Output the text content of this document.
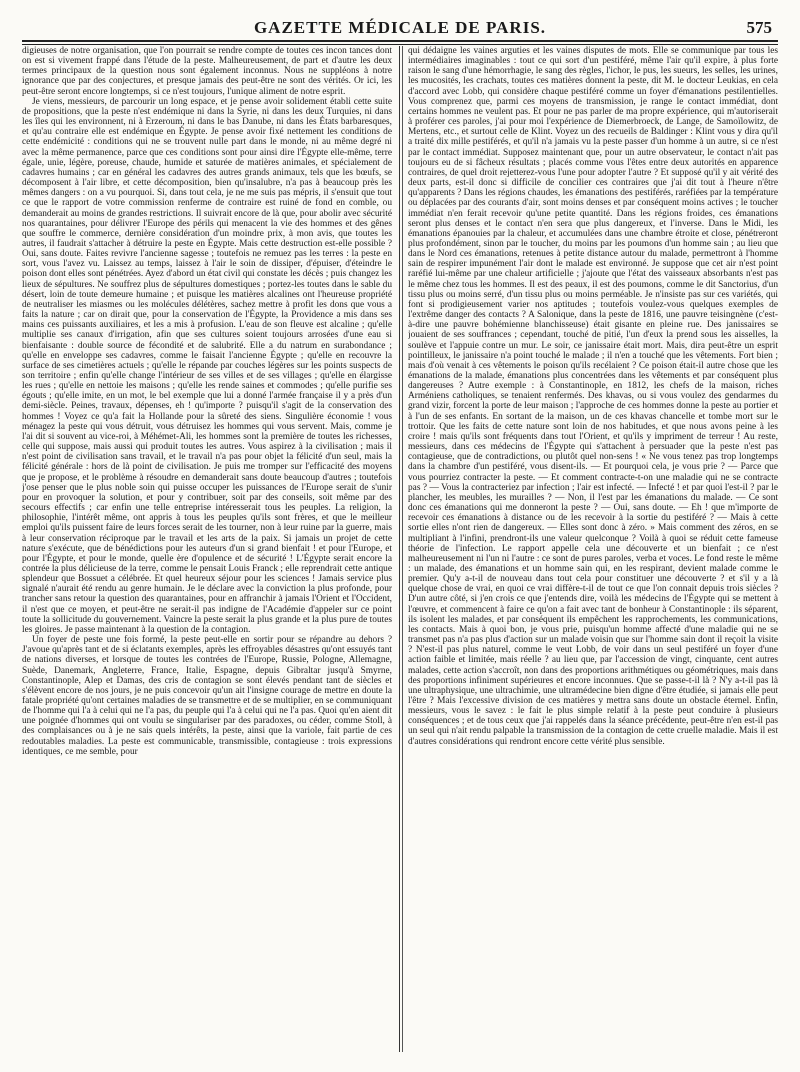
GAZETTE MÉDICALE DE PARIS.	575

digieuses de notre organisation, que l'on pourrait se rendre compte de toutes ces incon tances dont on est si vivement frappé dans l'étude de la peste. Malheureusement, de part et d'autre les deux termes principaux de la question nous sont également inconnus. Nous ne suppléons à notre ignorance que par des conjectures, et presque jamais des peut-être ne sont des vérités. Or ici, les peut-être seront encore longtemps, si ce n'est toujours, l'unique aliment de notre esprit.

Je viens, messieurs, de parcourir un long espace, et je pense avoir solidement établi cette suite de propositions, que la peste n'est endémique ni dans la Syrie, ni dans les deux Turquies, ni dans les îles qui les environnent, ni à Erzeroum, ni dans le bas Danube, ni dans les États barbaresques, et qu'au contraire elle est endémique en Égypte. Je pense avoir fixé nettement les conditions de cette endémicité : conditions qui ne se trouvent nulle part dans le monde, ni au même degré ni avec la même permanence, parce que ces conditions sont pour ainsi dire l'Égypte elle-même, terre égale, unie, légère, poreuse, chaude, humide et saturée de matières animales, et spécialement de cadavres humains ; car en général les cadavres des autres grands animaux, tels que les bœufs, se décomposent à l'air libre, et cette décomposition, bien qu'insalubre, n'a pas à beaucoup près les mêmes dangers : on a vu pourquoi. Si, dans tout cela, je ne me suis pas mépris, il s'ensuit que tout ce que le rapport de votre commission renferme de contraire est ruiné de fond en comble, ou demanderait au moins de grandes restrictions. Il suivrait encore de là que, pour abolir avec sécurité nos quarantaines, pour délivrer l'Europe des périls qui menacent la vie des hommes et des gênes que souffre le commerce, dernière considération d'un moindre prix, à mon avis, que toutes les autres, il faudrait s'attacher à détruire la peste en Égypte. Mais cette destruction est-elle possible ? Oui, sans doute. Faites revivre l'ancienne sagesse ; toutefois ne remuez pas les terres : la peste en sort, vous l'avez vu. Laissez au temps, laissez à l'air le soin de dissiper, d'épuiser, d'éteindre le poison dont elles sont pénétrées. Ayez d'abord un état civil qui constate les décès ; puis changez les lieux de sépultures. Ne souffrez plus de sépultures domestiques ; portez-les toutes dans le sable du désert, loin de toute demeure humaine ; et puisque les matières alcalines ont l'heureuse propriété de neutraliser les miasmes ou les molécules délétères, sachez mettre à profit les dons que vous a faits la nature ; car on dirait que, pour la conservation de l'Égypte, la Providence a mis dans ses mains ces puissants auxiliaires, et les a mis à profusion. L'eau de son fleuve est alcaline ; qu'elle multiplie ses canaux d'irrigation, afin que ses cultures soient toujours arrosées d'une eau si bienfaisante : double source de fécondité et de salubrité. Elle a du natrum en surabondance ; qu'elle en enveloppe ses cadavres, comme le faisait l'ancienne Égypte ; qu'elle en recouvre la surface de ses cimetières actuels ; qu'elle le répande par couches légères sur les points suspects de son territoire ; enfin qu'elle change l'intérieur de ses villes et de ses villages ; qu'elle en élargisse les rues ; qu'elle en nettoie les maisons ; qu'elle les rende saines et commodes ; qu'elle purifie ses égouts ; qu'elle imite, en un mot, le bel exemple que lui a donné l'armée française il y a près d'un demi-siècle. Peines, travaux, dépenses, eh ! qu'importe ? puisqu'il s'agit de la conservation des hommes ! Voyez ce qu'a fait la Hollande pour la sûreté des siens. Singulière économie ! vous ménagez la peste qui vous détruit, vous détruisez les hommes qui vous servent. Mais, comme je l'ai dit si souvent au vice-roi, à Méhémet-Ali, les hommes sont la première de toutes les richesses, celle qui suppose, mais aussi qui produit toutes les autres. Vous aspirez à la civilisation ; mais il n'est point de civilisation sans travail, et le travail n'a pas pour objet la félicité d'un seul, mais la félicité générale : hors de là point de civilisation. Je puis me tromper sur l'efficacité des moyens que je propose, et le problème à résoudre en demanderait sans doute beaucoup d'autres ; toutefois j'ose penser que le plus noble soin qui puisse occuper les puissances de l'Europe serait de s'unir pour en provoquer la solution, et pour y contribuer, soit par des conseils, soit même par des secours effectifs ; car enfin une telle entreprise intéresserait tous les peuples. La religion, la philosophie, l'intérêt même, ont appris à tous les peuples qu'ils sont frères, et que le meilleur emploi qu'ils puissent faire de leurs forces serait de les tourner, non à leur ruine par la guerre, mais à leur conservation réciproque par le travail et les arts de la paix. Si jamais un projet de cette nature s'exécute, que de bénédictions pour les auteurs d'un si grand bienfait ! et pour l'Europe, et pour l'Égypte, et pour le monde, quelle ère d'opulence et de sécurité ! L'Égypte serait encore la contrée la plus délicieuse de la terre, comme le pensait Louis Franck ; elle reprendrait cette antique splendeur que Bossuet a célébrée. Et quel heureux séjour pour les sciences ! Jamais service plus signalé n'aurait été rendu au genre humain. Je le déclare avec la conviction la plus profonde, pour trancher sans retour la question des quarantaines, pour en affranchir à jamais l'Orient et l'Occident, il n'est que ce moyen, et peut-être ne serait-il pas indigne de l'Académie d'appeler sur ce point toute la sollicitude du gouvernement. Vaincre la peste serait la plus grande et la plus pure de toutes les gloires. Je passe maintenant à la question de la contagion.

Un foyer de peste une fois formé, la peste peut-elle en sortir pour se répandre au dehors ? J'avoue qu'après tant et de si éclatants exemples, après les effroyables désastres qu'ont essuyés tant de nations diverses, et lorsque de toutes les contrées de l'Europe, Russie, Pologne, Allemagne, Suède, Danemark, Angleterre, France, Italie, Espagne, depuis Gibraltar jusqu'à Smyrne, Constantinople, Alep et Damas, des cris de contagion se sont élevés pendant tant de siècles et s'élèvent encore de nos jours, je ne puis concevoir qu'un ait l'insigne courage de mettre en doute la fatale propriété qu'ont certaines maladies de se transmettre et de se multiplier, en se communiquant de l'homme qui l'a à celui qui ne l'a pas, du peuple qui l'a à celui qui ne l'a pas. Quoi qu'en aient dit une poignée d'hommes qui ont voulu se singulariser par des paradoxes, ou céder, comme Stoll, à des complaisances ou à je ne sais quels intérêts, la peste, ainsi que la variole, fait partie de ces redoutables maladies. La peste est communicable, transmissible, contagieuse : trois expressions identiques, ce me semble, pour

qui dédaigne les vaines arguties et les vaines disputes de mots. Elle se communique par tous les intermédiaires imaginables : tout ce qui sort d'un pestiféré, même l'air qu'il expire, à plus forte raison le sang d'une hémorrhagie, le sang des règles, l'ichor, le pus, les sueurs, les selles, les urines, les mucosités, les crachats, toutes ces matières donnent la peste, dit M. le docteur Leukias, en cela d'accord avec Lobb, qui considère chaque pestiféré comme un foyer d'émanations pestilentielles. Vous comprenez que, parmi ces moyens de transmission, je range le contact immédiat, dont certains hommes ne veulent pas. Et pour ne pas parler de ma propre expérience, qui m'autoriserait à proférer ces paroles, j'ai pour moi l'expérience de Diemerbroeck, de Lange, de Samoïlowitz, de Mertens, etc., et surtout celle de Klint. Voyez un des recueils de Baldinger : Klint vous y dira qu'il a traité dix mille pestiférés, et qu'il n'a jamais vu la peste passer d'un homme à un autre, si ce n'est par le contact immédiat. Supposez maintenant que, pour un autre observateur, le contact n'ait pas toujours eu de si fâcheux résultats ; placés comme vous l'êtes entre deux autorités en apparence contraires, de quel droit rejetterez-vous l'une pour adopter l'autre ? Et supposé qu'il y ait vérité des deux parts, est-il donc si difficile de concilier ces contraires que j'ai dit tout à l'heure n'être qu'apparents ? Dans les régions chaudes, les émanations des pestiférés, raréfiées par la température ou déplacées par des courants d'air, sont moins denses et par conséquent moins actives ; le toucher immédiat n'en ferait recevoir qu'une petite quantité. Dans les régions froides, ces émanations seront plus denses et le contact n'en sera que plus dangereux, et l'inverse. Dans le Midi, les émanations épanouies par la chaleur, et accumulées dans une chambre étroite et close, pénétreront plus profondément, sinon par le toucher, du moins par les poumons d'un homme sain ; au lieu que dans le Nord ces émanations, retenues à petite distance autour du malade, permettront à l'homme sain de respirer impunément l'air dont le malade est environné. Je suppose que cet air n'est point raréfié lui-même par une chaleur artificielle ; j'ajoute que l'état des vaisseaux absorbants n'est pas le même chez tous les hommes. Il est des peaux, il est des poumons, comme le dit Sanctorius, d'un tissu plus ou moins serré, d'un tissu plus ou moins perméable. Je n'insiste pas sur ces variétés, qui font si prodigieusement varier nos aptitudes ; toutefois voulez-vous quelques exemples de l'extrême danger des contacts ? A Salonique, dans la peste de 1816, une pauvre teisingnène (c'est-à-dire une pauvre bohémienne blanchisseuse) était gisante en pleine rue. Des janissaires se jouaient de ses souffrances ; cependant, touché de pitié, l'un d'eux la prend sous les aisselles, la soulève et l'appuie contre un mur. Le soir, ce janissaire était mort. Mais, dira peut-être un esprit pointilleux, le janissaire n'a point touché le malade ; il n'en a touché que les vêtements. Fort bien ; mais d'où venait à ces vêtements le poison qu'ils recélaient ? Ce poison était-il autre chose que les émanations de la malade, émanations plus concentrées dans les vêtements et par conséquent plus dangereuses ? Autre exemple : à Constantinople, en 1812, les chefs de la maison, riches Arméniens catholiques, se tenaient renfermés. Des khavas, ou si vous voulez des gendarmes du grand vizir, forcent la porte de leur maison ; l'approche de ces hommes donne la peste au portier et à l'un de ses enfants. En sortant de la maison, un de ces khavas chancelle et tombe mort sur le trottoir. Que les faits de cette nature sont loin de nos habitudes, et que nous avons peine à les croire ! mais qu'ils sont fréquents dans tout l'Orient, et qu'ils y impriment de terreur ! Au reste, messieurs, dans ces médecins de l'Égypte qui s'attachent à persuader que la peste n'est pas contagieuse, que de contradictions, ou plutôt quel non-sens ! « Ne vous tenez pas trop longtemps dans la chambre d'un pestiféré, vous disent-ils. — Et pourquoi cela, je vous prie ? — Parce que vous pourriez contracter la peste. — Et comment contracte-t-on une maladie qui ne se contracte pas ? — Vous la contracteriez par infection ; l'air est infecté. — Infecté ! et par quoi l'est-il ? par le plancher, les meubles, les murailles ? — Non, il l'est par les émanations du malade. — Ce sont donc ces émanations qui me donneront la peste ? — Oui, sans doute. — Eh ! que m'importe de recevoir ces émanations à distance ou de les recevoir à la sortie du pestiféré ? — Mais à cette sortie elles n'ont rien de dangereux. — Elles sont donc à zéro. » Mais comment des zéros, en se multipliant à l'infini, prendront-ils une valeur quelconque ? Voilà à quoi se réduit cette fameuse théorie de l'infection. Le rapport appelle cela une découverte et un bienfait ; ce n'est malheureusement ni l'un ni l'autre : ce sont de pures paroles, verba et voces. Le fond reste le même : un malade, des émanations et un homme sain qui, en les respirant, devient malade comme le premier. Qu'y a-t-il de nouveau dans tout cela pour constituer une découverte ? et s'il y a là quelque chose de vrai, en quoi ce vrai diffère-t-il de tout ce que l'on connait depuis trois siècles ? D'un autre côté, si j'en crois ce que j'entends dire, voilà les médecins de l'Égypte qui se mettent à l'œuvre, et commencent à faire ce qu'on a fait avec tant de bonheur à Constantinople : ils séparent, ils isolent les malades, et par conséquent ils empêchent les rapprochements, les communications, les contacts. Mais à quoi bon, je vous prie, puisqu'un homme affecté d'une maladie qui ne se transmet pas n'a pas plus d'action sur un malade voisin que sur l'homme sain dont il reçoit la visite ? N'est-il pas plus naturel, comme le veut Lobb, de voir dans un seul pestiféré un foyer d'une action faible et limitée, mais réelle ? au lieu que, par l'accession de vingt, cinquante, cent autres malades, cette action s'accroît, non dans des proportions arithmétiques ou géométriques, mais dans des proportions infiniment supérieures et encore inconnues. Que se passe-t-il là ? N'y a-t-il pas là une ultraphysique, une ultrachimie, une ultramédecine bien digne d'être étudiée, si jamais elle peut l'être ? Mais l'excessive division de ces matières y mettra sans doute un obstacle éternel. Enfin, messieurs, vous le savez : le fait le plus simple relatif à la peste peut conduire à plusieurs conséquences ; et de tous ceux que j'ai rappelés dans la séance précédente, peut-être n'en est-il pas un seul qui n'ait rendu palpable la transmission de la contagion de cette cruelle maladie. Mais il est d'autres considérations qui rendront encore cette vérité plus sensible.
